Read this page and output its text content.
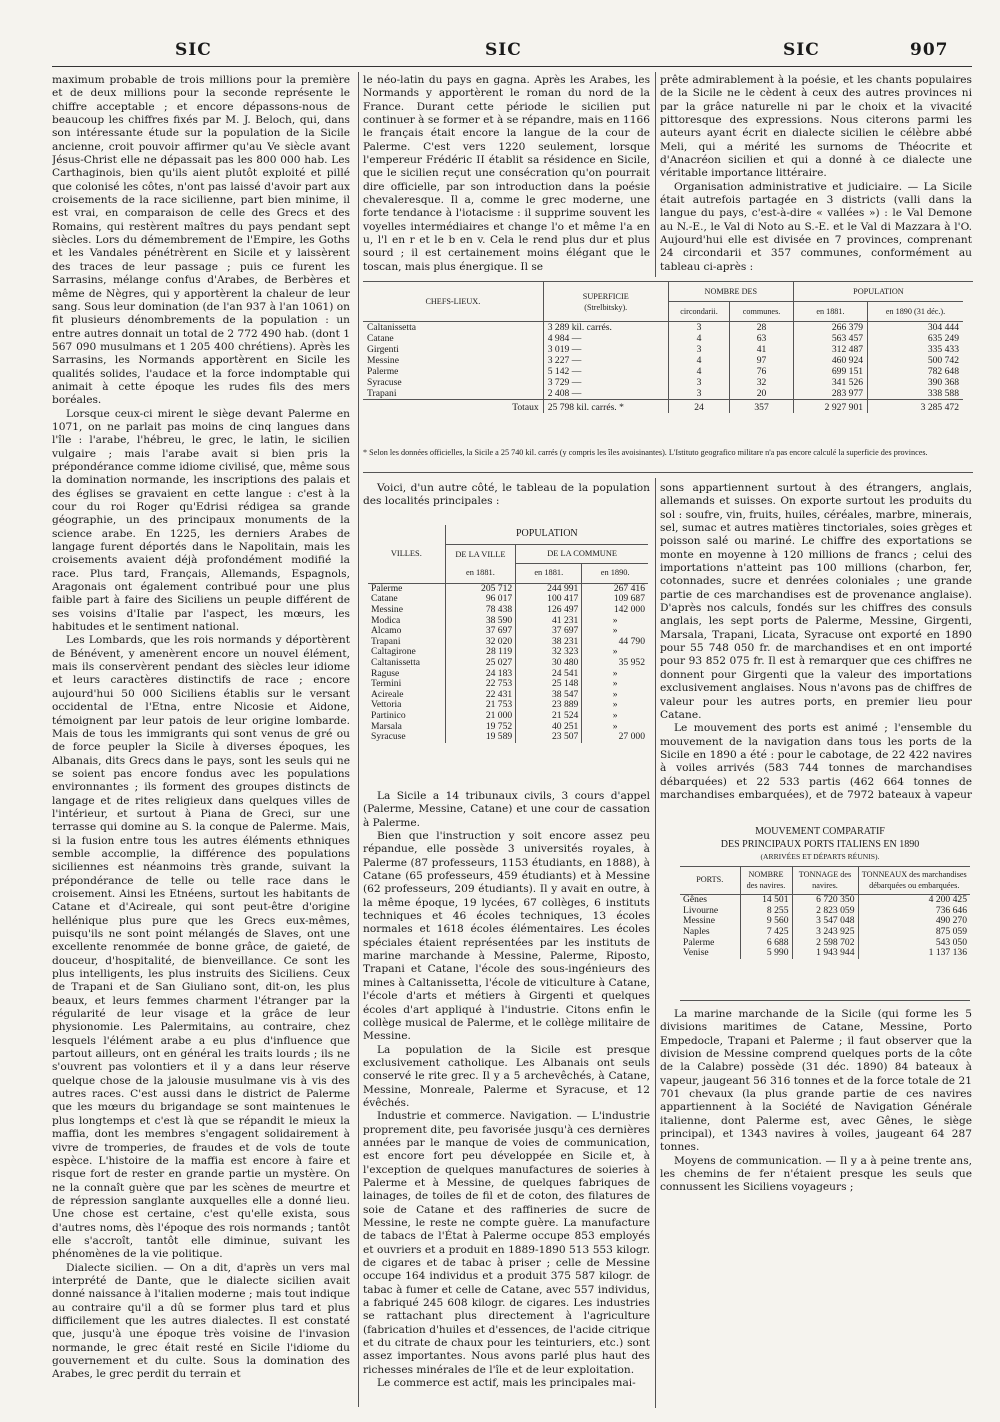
SIC	SIC	SIC	907

maximum probable de trois millions pour la première et de deux millions pour la seconde représente le chiffre acceptable ; et encore dépassons-nous de beaucoup les chiffres fixés par M. J. Beloch, qui, dans son intéressante étude sur la population de la Sicile ancienne, croit pouvoir affirmer qu'au Ve siècle avant Jésus-Christ elle ne dépassait pas les 800 000 hab. Les Carthaginois, bien qu'ils aient plutôt exploité et pillé que colonisé les côtes, n'ont pas laissé d'avoir part aux croisements de la race sicilienne, part bien minime, il est vrai, en comparaison de celle des Grecs et des Romains, qui restèrent maîtres du pays pendant sept siècles. Lors du démembrement de l'Empire, les Goths et les Vandales pénétrèrent en Sicile et y laissèrent des traces de leur passage ; puis ce furent les Sarrasins, mélange confus d'Arabes, de Berbères et même de Nègres, qui y apportèrent la chaleur de leur sang. Sous leur domination (de l'an 937 à l'an 1061) on fit plusieurs dénombrements de la population : un entre autres donnait un total de 2 772 490 hab. (dont 1 567 090 musulmans et 1 205 400 chrétiens). Après les Sarrasins, les Normands apportèrent en Sicile les qualités solides, l'audace et la force indomptable qui animait à cette époque les rudes fils des mers boréales.

Lorsque ceux-ci mirent le siège devant Palerme en 1071, on ne parlait pas moins de cinq langues dans l'île : l'arabe, l'hébreu, le grec, le latin, le sicilien vulgaire ; mais l'arabe avait si bien pris la prépondérance comme idiome civilisé, que, même sous la domination normande, les inscriptions des palais et des églises se gravaient en cette langue : c'est à la cour du roi Roger qu'Edrisi rédigea sa grande géographie, un des principaux monuments de la science arabe. En 1225, les derniers Arabes de langage furent déportés dans le Napolitain, mais les croisements avaient déjà profondément modifié la race. Plus tard, Français, Allemands, Espagnols, Aragonais ont également contribué pour une plus faible part à faire des Siciliens un peuple différent de ses voisins d'Italie par l'aspect, les mœurs, les habitudes et le sentiment national.

Les Lombards, que les rois normands y déportèrent de Bénévent, y amenèrent encore un nouvel élément, mais ils conservèrent pendant des siècles leur idiome et leurs caractères distinctifs de race ; encore aujourd'hui 50 000 Siciliens établis sur le versant occidental de l'Etna, entre Nicosie et Aidone, témoignent par leur patois de leur origine lombarde. Mais de tous les immigrants qui sont venus de gré ou de force peupler la Sicile à diverses époques, les Albanais, dits Grecs dans le pays, sont les seuls qui ne se soient pas encore fondus avec les populations environnantes ; ils forment des groupes distincts de langage et de rites religieux dans quelques villes de l'intérieur, et surtout à Piana de Greci, sur une terrasse qui domine au S. la conque de Palerme. Mais, si la fusion entre tous les autres éléments ethniques semble accomplie, la différence des populations siciliennes est néanmoins très grande, suivant la prépondérance de telle ou telle race dans le croisement. Ainsi les Etnéens, surtout les habitants de Catane et d'Acireale, qui sont peut-être d'origine hellénique plus pure que les Grecs eux-mêmes, puisqu'ils ne sont point mélangés de Slaves, ont une excellente renommée de bonne grâce, de gaieté, de douceur, d'hospitalité, de bienveillance. Ce sont les plus intelligents, les plus instruits des Siciliens. Ceux de Trapani et de San Giuliano sont, dit-on, les plus beaux, et leurs femmes charment l'étranger par la régularité de leur visage et la grâce de leur physionomie. Les Palermitains, au contraire, chez lesquels l'élément arabe a eu plus d'influence que partout ailleurs, ont en général les traits lourds ; ils ne s'ouvrent pas volontiers et il y a dans leur réserve quelque chose de la jalousie musulmane vis à vis des autres races. C'est aussi dans le district de Palerme que les mœurs du brigandage se sont maintenues le plus longtemps et c'est là que se répandit le mieux la maffia, dont les membres s'engagent solidairement à vivre de tromperies, de fraudes et de vols de toute espèce. L'histoire de la maffia est encore à faire et risque fort de rester en grande partie un mystère. On ne la connaît guère que par les scènes de meurtre et de répression sanglante auxquelles elle a donné lieu. Une chose est certaine, c'est qu'elle exista, sous d'autres noms, dès l'époque des rois normands ; tantôt elle s'accroît, tantôt elle diminue, suivant les phénomènes de la vie politique.

Dialecte sicilien. — On a dit, d'après un vers mal interprété de Dante, que le dialecte sicilien avait donné naissance à l'italien moderne ; mais tout indique au contraire qu'il a dû se former plus tard et plus difficilement que les autres dialectes. Il est constaté que, jusqu'à une époque très voisine de l'invasion normande, le grec était resté en Sicile l'idiome du gouvernement et du culte. Sous la domination des Arabes, le grec perdit du terrain et

le néo-latin du pays en gagna. Après les Arabes, les Normands y apportèrent le roman du nord de la France. Durant cette période le sicilien put continuer à se former et à se répandre, mais en 1166 le français était encore la langue de la cour de Palerme. C'est vers 1220 seulement, lorsque l'empereur Frédéric II établit sa résidence en Sicile, que le sicilien reçut une consécration qu'on pourrait dire officielle, par son introduction dans la poésie chevaleresque. Il a, comme le grec moderne, une forte tendance à l'iotacisme : il supprime souvent les voyelles intermédiaires et change l'o et même l'a en u, l'l en r et le b en v. Cela le rend plus dur et plus sourd ; il est certainement moins élégant que le toscan, mais plus énergique. Il se

prête admirablement à la poésie, et les chants populaires de la Sicile ne le cèdent à ceux des autres provinces ni par la grâce naturelle ni par le choix et la vivacité pittoresque des expressions. Nous citerons parmi les auteurs ayant écrit en dialecte sicilien le célèbre abbé Meli, qui a mérité les surnoms de Théocrite et d'Anacréon sicilien et qui a donné à ce dialecte une véritable importance littéraire.

Organisation administrative et judiciaire. — La Sicile était autrefois partagée en 3 districts (valli dans la langue du pays, c'est-à-dire « vallées ») : le Val Demone au N.-E., le Val di Noto au S.-E. et le Val di Mazzara à l'O. Aujourd'hui elle est divisée en 7 provinces, comprenant 24 circondarii et 357 communes, conformément au tableau ci-après :

CHEFS-LIEUX.	SUPERFICIE
(Strelbitsky).	NOMBRE DES		POPULATION	
		circondarii.	communes.	en 1881.	en 1890 (31 déc.).
Caltanissetta	3 289 kil. carrés.	3	28	266 379	304 444
Catane	4 984 —	4	63	563 457	635 249
Girgenti	3 019 —	3	41	312 487	335 433
Messine	3 227 —	4	97	460 924	500 742
Palerme	5 142 —	4	76	699 151	782 648
Syracuse	3 729 —	3	32	341 526	390 368
Trapani	2 408 —	3	20	283 977	338 588
Totaux	25 798 kil. carrés. *	24	357	2 927 901	3 285 472
* Selon les données officielles, la Sicile a 25 740 kil. carrés (y compris les îles avoisinantes). L'Istituto geografico militare n'a pas encore calculé la superficie des provinces.

Voici, d'un autre côté, le tableau de la population des localités principales :

VILLES.	POPULATION		
	DE LA VILLE	DE LA COMMUNE	
	en 1881.	en 1881.	en 1890.
Palerme	205 712	244 991	267 416
Catane	96 017	100 417	109 687
Messine	78 438	126 497	142 000
Modica	38 590	41 231	»
Alcamo	37 697	37 697	»
Trapani	32 020	38 231	44 790
Caltagirone	28 119	32 323	»
Caltanissetta	25 027	30 480	35 952
Raguse	24 183	24 541	»
Termini	22 753	25 148	»
Acireale	22 431	38 547	»
Vettoria	21 753	23 889	»
Partinico	21 000	21 524	»
Marsala	19 752	40 251	»
Syracuse	19 589	23 507	27 000

La Sicile a 14 tribunaux civils, 3 cours d'appel (Palerme, Messine, Catane) et une cour de cassation à Palerme.

Bien que l'instruction y soit encore assez peu répandue, elle possède 3 universités royales, à Palerme (87 professeurs, 1153 étudiants, en 1888), à Catane (65 professeurs, 459 étudiants) et à Messine (62 professeurs, 209 étudiants). Il y avait en outre, à la même époque, 19 lycées, 67 collèges, 6 instituts techniques et 46 écoles techniques, 13 écoles normales et 1618 écoles élémentaires. Les écoles spéciales étaient représentées par les instituts de marine marchande à Messine, Palerme, Riposto, Trapani et Catane, l'école des sous-ingénieurs des mines à Caltanissetta, l'école de viticulture à Catane, l'école d'arts et métiers à Girgenti et quelques écoles d'art appliqué à l'industrie. Citons enfin le collège musical de Palerme, et le collège militaire de Messine.

La population de la Sicile est presque exclusivement catholique. Les Albanais ont seuls conservé le rite grec. Il y a 5 archevêchés, à Catane, Messine, Monreale, Palerme et Syracuse, et 12 évêchés.

Industrie et commerce. Navigation. — L'industrie proprement dite, peu favorisée jusqu'à ces dernières années par le manque de voies de communication, est encore fort peu développée en Sicile et, à l'exception de quelques manufactures de soieries à Palerme et à Messine, de quelques fabriques de lainages, de toiles de fil et de coton, des filatures de soie de Catane et des raffineries de sucre de Messine, le reste ne compte guère. La manufacture de tabacs de l'État à Palerme occupe 853 employés et ouvriers et a produit en 1889-1890 513 553 kilogr. de cigares et de tabac à priser ; celle de Messine occupe 164 individus et a produit 375 587 kilogr. de tabac à fumer et celle de Catane, avec 557 individus, a fabriqué 245 608 kilogr. de cigares. Les industries se rattachant plus directement à l'agriculture (fabrication d'huiles et d'essences, de l'acide citrique et du citrate de chaux pour les teinturiers, etc.) sont assez importantes. Nous avons parlé plus haut des richesses minérales de l'île et de leur exploitation.

Le commerce est actif, mais les principales mai-

sons appartiennent surtout à des étrangers, anglais, allemands et suisses. On exporte surtout les produits du sol : soufre, vin, fruits, huiles, céréales, marbre, minerais, sel, sumac et autres matières tinctoriales, soies grèges et poisson salé ou mariné. Le chiffre des exportations se monte en moyenne à 120 millions de francs ; celui des importations n'atteint pas 100 millions (charbon, fer, cotonnades, sucre et denrées coloniales ; une grande partie de ces marchandises est de provenance anglaise). D'après nos calculs, fondés sur les chiffres des consuls anglais, les sept ports de Palerme, Messine, Girgenti, Marsala, Trapani, Licata, Syracuse ont exporté en 1890 pour 55 748 050 fr. de marchandises et en ont importé pour 93 852 075 fr. Il est à remarquer que ces chiffres ne donnent pour Girgenti que la valeur des importations exclusivement anglaises. Nous n'avons pas de chiffres de valeur pour les autres ports, en premier lieu pour Catane.

Le mouvement des ports est animé ; l'ensemble du mouvement de la navigation dans tous les ports de la Sicile en 1890 a été : pour le cabotage, de 22 422 navires à voiles arrivés (583 744 tonnes de marchandises débarquées) et 22 533 partis (462 664 tonnes de marchandises embarquées), et de 7972 bateaux à vapeur

MOUVEMENT COMPARATIF
DES PRINCIPAUX PORTS ITALIENS EN 1890
(ARRIVÉES ET DÉPARTS RÉUNIS).
PORTS.	NOMBRE des navires.	TONNAGE des navires.	TONNEAUX des marchandises débarquées ou embarquées.
Gênes	14 501	6 720 350	4 200 425
Livourne	8 255	2 823 059	736 646
Messine	9 560	3 547 048	490 270
Naples	7 425	3 243 925	875 059
Palerme	6 688	2 598 702	543 050
Venise	5 990	1 943 944	1 137 136

La marine marchande de la Sicile (qui forme les 5 divisions maritimes de Catane, Messine, Porto Empedocle, Trapani et Palerme ; il faut observer que la division de Messine comprend quelques ports de la côte de la Calabre) possède (31 déc. 1890) 84 bateaux à vapeur, jaugeant 56 316 tonnes et de la force totale de 21 701 chevaux (la plus grande partie de ces navires appartiennent à la Société de Navigation Générale italienne, dont Palerme est, avec Gênes, le siège principal), et 1343 navires à voiles, jaugeant 64 287 tonnes.

Moyens de communication. — Il y a à peine trente ans, les chemins de fer n'étaient presque les seuls que connussent les Siciliens voyageurs ;
